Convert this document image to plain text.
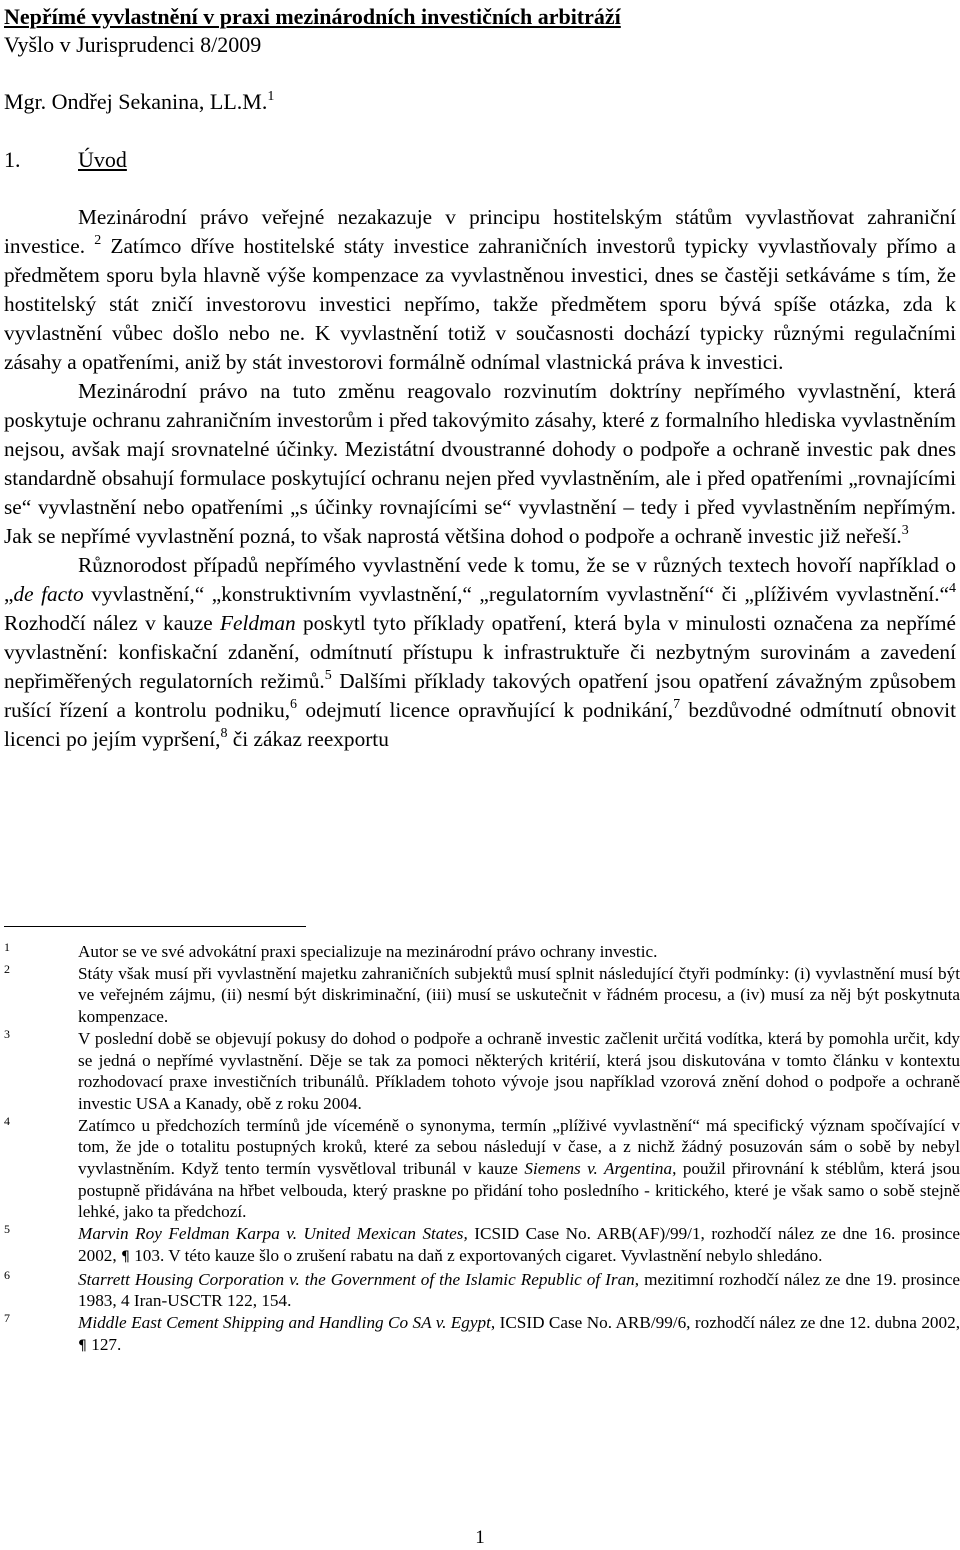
Nepřímé vyvlastnění v praxi mezinárodních investičních arbitráží
Vyšlo v Jurisprudenci 8/2009
Mgr. Ondřej Sekanina, LL.M.$^1$
1.	Úvod

Mezinárodní právo veřejné nezakazuje v principu hostitelským státům vyvlastňovat zahraniční investice. $^2$ Zatímco dříve hostitelské státy investice zahraničních investorů typicky vyvlastňovaly přímo a předmětem sporu byla hlavně výše kompenzace za vyvlastněnou investici, dnes se častěji setkáváme s tím, že hostitelský stát zničí investorovu investici nepřímo, takže předmětem sporu bývá spíše otázka, zda k vyvlastnění vůbec došlo nebo ne. K vyvlastnění totiž v současnosti dochází typicky různými regulačními zásahy a opatřeními, aniž by stát investorovi formálně odnímal vlastnická práva k investici.

Mezinárodní právo na tuto změnu reagovalo rozvinutím doktríny nepřímého vyvlastnění, která poskytuje ochranu zahraničním investorům i před takovýmito zásahy, které z formalního hlediska vyvlastněním nejsou, avšak mají srovnatelné účinky. Mezistátní dvoustranné dohody o podpoře a ochraně investic pak dnes standardně obsahují formulace poskytující ochranu nejen před vyvlastněním, ale i před opatřeními „rovnajícími se“ vyvlastnění nebo opatřeními „s účinky rovnajícími se“ vyvlastnění – tedy i před vyvlastněním nepřímým. Jak se nepřímé vyvlastnění pozná, to však naprostá většina dohod o podpoře a ochraně investic již neřeší.$^3$

Různorodost případů nepřímého vyvlastnění vede k tomu, že se v různých textech hovoří například o „de facto vyvlastnění,“ „konstruktivním vyvlastnění,“ „regulatorním vyvlastnění“ či „plíživém vyvlastnění.“$^4$ Rozhodčí nález v kauze Feldman poskytl tyto příklady opatření, která byla v minulosti označena za nepřímé vyvlastnění: konfiskační zdanění, odmítnutí přístupu k infrastruktuře či nezbytným surovinám a zavedení nepřiměřených regulatorních režimů.$^5$ Dalšími příklady takových opatření jsou opatření závažným způsobem rušící řízení a kontrolu podniku,$^6$ odejmutí licence opravňující k podnikání,$^7$ bezdůvodné odmítnutí obnovit licenci po jejím vypršení,$^8$ či zákaz reexportu

1	Autor se ve své advokátní praxi specializuje na mezinárodní právo ochrany investic.
2	Státy však musí při vyvlastnění majetku zahraničních subjektů musí splnit následující čtyři podmínky: (i) vyvlastnění musí být ve veřejném zájmu, (ii) nesmí být diskriminační, (iii) musí se uskutečnit v řádném procesu, a (iv) musí za něj být poskytnuta kompenzace.
3	V poslední době se objevují pokusy do dohod o podpoře a ochraně investic začlenit určitá vodítka, která by pomohla určit, kdy se jedná o nepřímé vyvlastnění. Děje se tak za pomoci některých kritérií, která jsou diskutována v tomto článku v kontextu rozhodovací praxe investičních tribunálů. Příkladem tohoto vývoje jsou například vzorová znění dohod o podpoře a ochraně investic USA a Kanady, obě z roku 2004.
4	Zatímco u předchozích termínů jde víceméně o synonyma, termín „plíživé vyvlastnění“ má specifický význam spočívající v tom, že jde o totalitu postupných kroků, které za sebou následují v čase, a z nichž žádný posuzován sám o sobě by nebyl vyvlastněním. Když tento termín vysvětloval tribunál v kauze Siemens v. Argentina, použil přirovnání k stéblům, která jsou postupně přidávána na hřbet velbouda, který praskne po přidání toho posledního - kritického, které je však samo o sobě stejně lehké, jako ta předchozí.
5	Marvin Roy Feldman Karpa v. United Mexican States, ICSID Case No. ARB(AF)/99/1, rozhodčí nález ze dne 16. prosince 2002, ¶ 103. V této kauze šlo o zrušení rabatu na daň z exportovaných cigaret. Vyvlastnění nebylo shledáno.
6	Starrett Housing Corporation v. the Government of the Islamic Republic of Iran, mezitimní rozhodčí nález ze dne 19. prosince 1983, 4 Iran-USCTR 122, 154.
7	Middle East Cement Shipping and Handling Co SA v. Egypt, ICSID Case No. ARB/99/6, rozhodčí nález ze dne 12. dubna 2002, ¶ 127.
1
